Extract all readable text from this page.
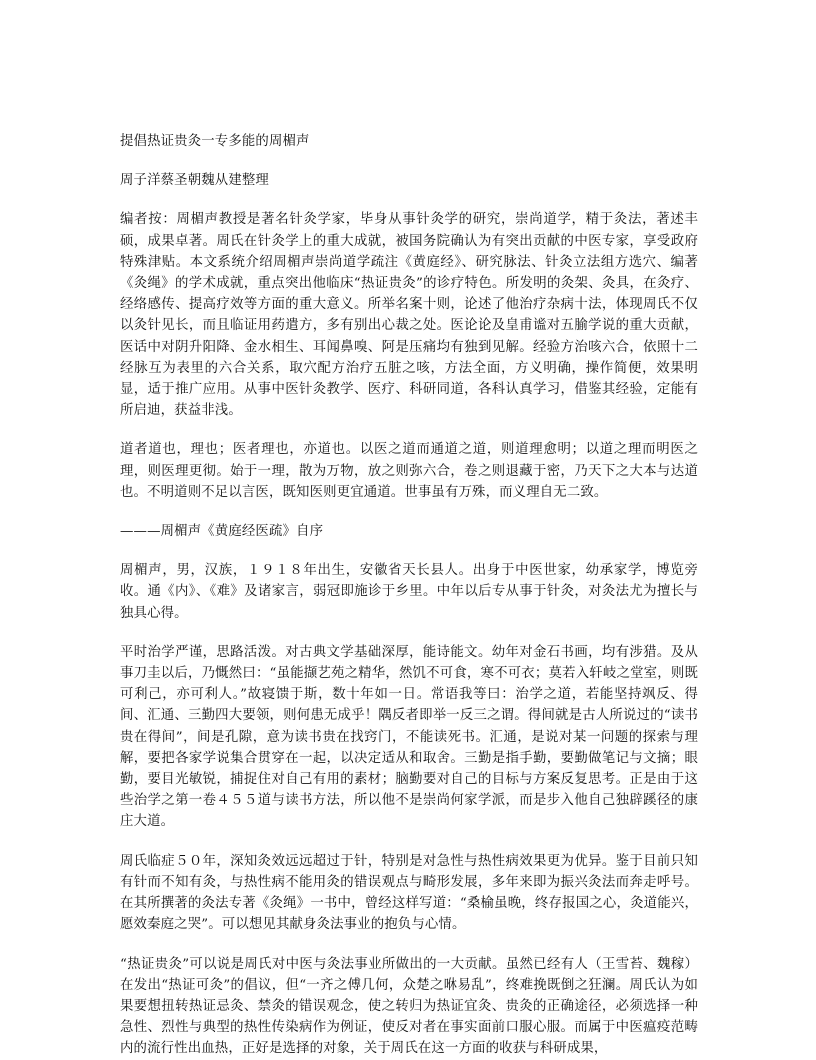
提倡热证贵灸一专多能的周楣声

周子洋蔡圣朝魏从建整理

编者按：周楣声教授是著名针灸学家，毕身从事针灸学的研究，崇尚道学，精于灸法，著述丰硕，成果卓著。周氏在针灸学上的重大成就，被国务院确认为有突出贡献的中医专家，享受政府特殊津贴。本文系统介绍周楣声崇尚道学疏注《黄庭经》、研究脉法、针灸立法组方选穴、编著《灸绳》的学术成就，重点突出他临床“热证贵灸”的诊疗特色。所发明的灸架、灸具，在灸疗、经络感传、提高疗效等方面的重大意义。所举名案十则，论述了他治疗杂病十法，体现周氏不仅以灸针见长，而且临证用药遣方，多有别出心裁之处。医论论及皇甫谧对五腧学说的重大贡献，医话中对阴升阳降、金水相生、耳闻鼻嗅、阿是压痛均有独到见解。经验方治咳六合，依照十二经脉互为表里的六合关系，取穴配方治疗五脏之咳，方法全面，方义明确，操作简便，效果明显，适于推广应用。从事中医针灸教学、医疗、科研同道，各科认真学习，借鉴其经验，定能有所启迪，获益非浅。

道者道也，理也；医者理也，亦道也。以医之道而通道之道，则道理愈明；以道之理而明医之理，则医理更彻。始于一理，散为万物，放之则弥六合，卷之则退藏于密，乃天下之大本与达道也。不明道则不足以言医，既知医则更宜通道。世事虽有万殊，而义理自无二致。

———周楣声《黄庭经医疏》自序

周楣声，男，汉族，１９１８年出生，安徽省天长县人。出身于中医世家，幼承家学，博览旁收。通《内》、《难》及诸家言，弱冠即施诊于乡里。中年以后专从事于针灸，对灸法尤为擅长与独具心得。

平时治学严谨，思路活泼。对古典文学基础深厚，能诗能文。幼年对金石书画，均有涉猎。及从事刀圭以后，乃慨然曰：“虽能撷艺苑之精华，然饥不可食，寒不可衣；莫若入轩岐之堂室，则既可利己，亦可利人。”故寝馈于斯，数十年如一日。常语我等曰：治学之道，若能坚持飒反、得间、汇通、三勤四大要领，则何患无成乎！隅反者即举一反三之谓。得间就是古人所说过的“读书贵在得间”，间是孔隙，意为读书贵在找窍门，不能读死书。汇通，是说对某一问题的探索与理解，要把各家学说集合贯穿在一起，以决定适从和取舍。三勤是指手勤，要勤做笔记与文摘；眼勤，要目光敏锐，捕捉住对自己有用的素材；脑勤要对自己的目标与方案反复思考。正是由于这些治学之第一卷４５５道与读书方法，所以他不是崇尚何家学派，而是步入他自己独辟蹊径的康庄大道。

周氏临症５０年，深知灸效远远超过于针，特别是对急性与热性病效果更为优异。鉴于目前只知有针而不知有灸，与热性病不能用灸的错误观点与畸形发展，多年来即为振兴灸法而奔走呼号。在其所撰著的灸法专著《灸绳》一书中，曾经这样写道：“桑榆虽晚，终存报国之心，灸道能兴，愿效秦庭之哭”。可以想见其献身灸法事业的抱负与心情。

“热证贵灸”可以说是周氏对中医与灸法事业所做出的一大贡献。虽然已经有人（王雪苔、魏稼）在发出“热证可灸”的倡议，但“一齐之傅几何，众楚之咻易乱”，终难挽既倒之狂澜。周氏认为如果要想扭转热证忌灸、禁灸的错误观念，使之转归为热证宜灸、贵灸的正确途径，必须选择一种急性、烈性与典型的热性传染病作为例证，使反对者在事实面前口服心服。而属于中医瘟疫范畴内的流行性出血热，正好是选择的对象，关于周氏在这一方面的收获与科研成果，
